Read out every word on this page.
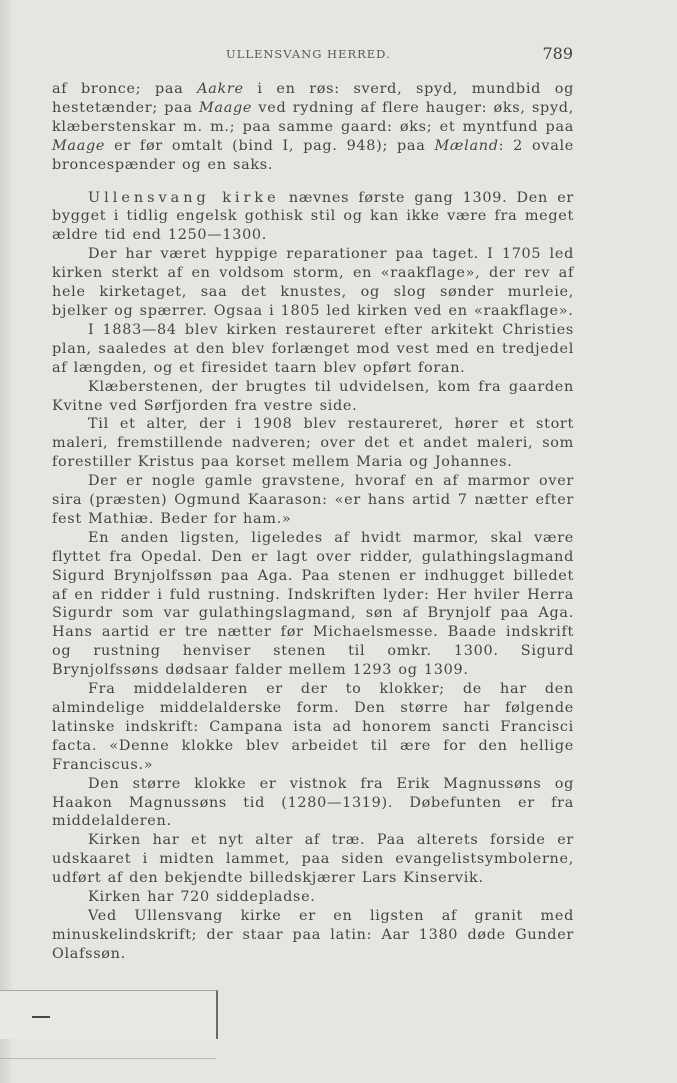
ULLENSVANG HERRED.	789

af bronce; paa Aakre i en røs: sverd, spyd, mundbid og hestetænder; paa Maage ved rydning af flere hauger: øks, spyd, klæberstenskar m. m.; paa samme gaard: øks; et myntfund paa Maage er før omtalt (bind I, pag. 948); paa Mæland: 2 ovale broncespænder og en saks.

Ullensvang kirke nævnes første gang 1309. Den er bygget i tidlig engelsk gothisk stil og kan ikke være fra meget ældre tid end 1250—1300.

Der har været hyppige reparationer paa taget. I 1705 led kirken sterkt af en voldsom storm, en «raakflage», der rev af hele kirketaget, saa det knustes, og slog sønder murleie, bjelker og spærrer. Ogsaa i 1805 led kirken ved en «raakflage».

I 1883—84 blev kirken restaureret efter arkitekt Christies plan, saaledes at den blev forlænget mod vest med en tredjedel af længden, og et firesidet taarn blev opført foran.

Klæberstenen, der brugtes til udvidelsen, kom fra gaarden Kvitne ved Sørfjorden fra vestre side.

Til et alter, der i 1908 blev restaureret, hører et stort maleri, fremstillende nadveren; over det et andet maleri, som forestiller Kristus paa korset mellem Maria og Johannes.

Der er nogle gamle gravstene, hvoraf en af marmor over sira (præsten) Ogmund Kaarason: «er hans artid 7 nætter efter fest Mathiæ. Beder for ham.»

En anden ligsten, ligeledes af hvidt marmor, skal være flyttet fra Opedal. Den er lagt over ridder, gulathingslagmand Sigurd Brynjolfssøn paa Aga. Paa stenen er indhugget billedet af en ridder i fuld rustning. Indskriften lyder: Her hviler Herra Sigurdr som var gulathingslagmand, søn af Brynjolf paa Aga. Hans aartid er tre nætter før Michaelsmesse. Baade indskrift og rustning henviser stenen til omkr. 1300. Sigurd Brynjolfssøns dødsaar falder mellem 1293 og 1309.

Fra middelalderen er der to klokker; de har den almindelige middelalderske form. Den større har følgende latinske indskrift: Campana ista ad honorem sancti Francisci facta. «Denne klokke blev arbeidet til ære for den hellige Franciscus.»

Den større klokke er vistnok fra Erik Magnussøns og Haakon Magnussøns tid (1280—1319). Døbefunten er fra middelalderen.

Kirken har et nyt alter af træ. Paa alterets forside er udskaaret i midten lammet, paa siden evangelistsymbolerne, udført af den bekjendte billedskjærer Lars Kinservik.

Kirken har 720 siddepladse.

Ved Ullensvang kirke er en ligsten af granit med minuskelindskrift; der staar paa latin: Aar 1380 døde Gunder Olafssøn.
